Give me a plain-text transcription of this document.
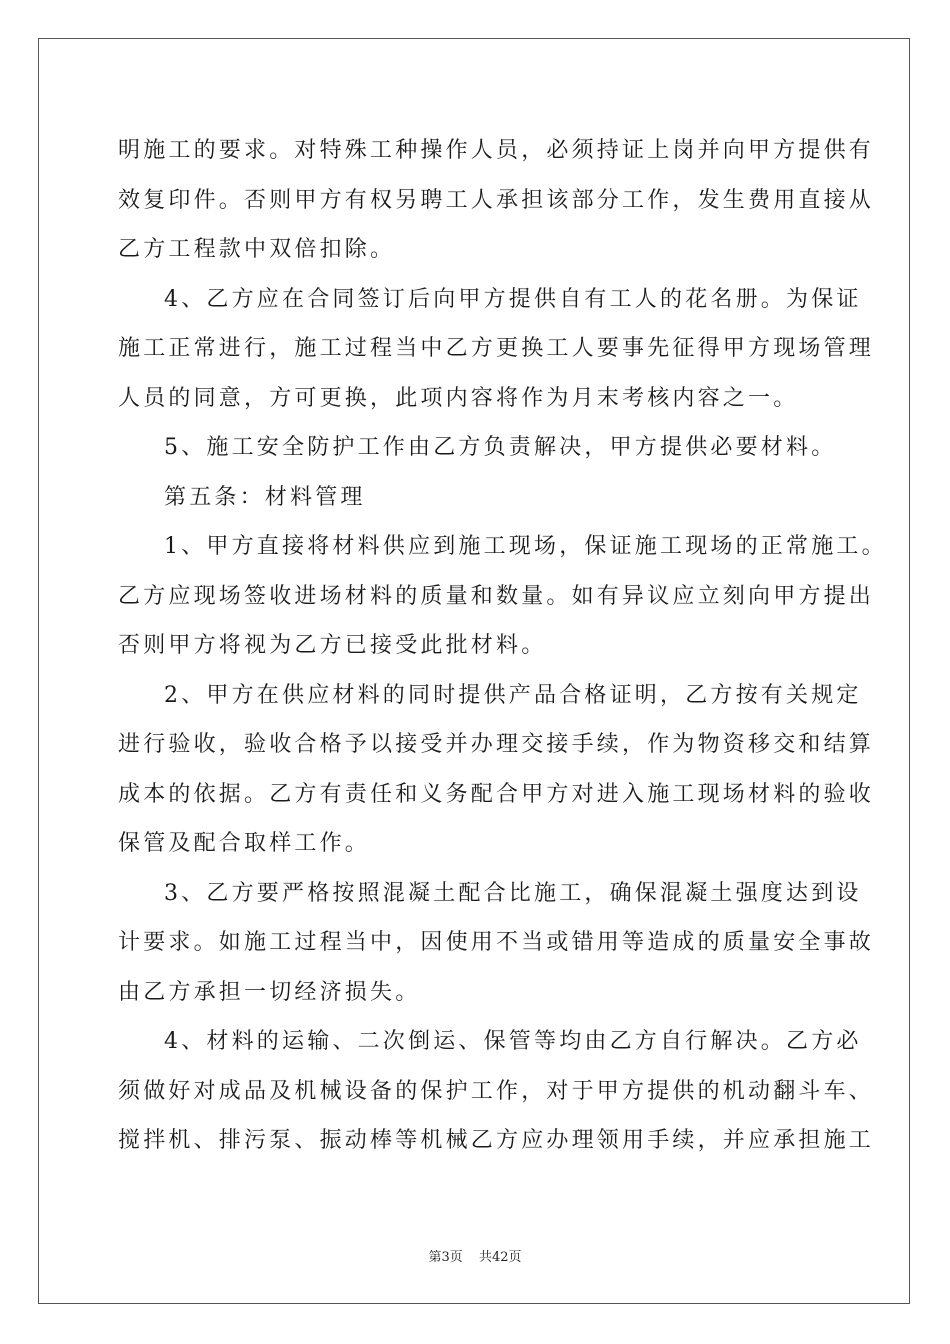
明施工的要求。对特殊工种操作人员，必须持证上岗并向甲方提供有

效复印件。否则甲方有权另聘工人承担该部分工作，发生费用直接从

乙方工程款中双倍扣除。

4、乙方应在合同签订后向甲方提供自有工人的花名册。为保证

施工正常进行，施工过程当中乙方更换工人要事先征得甲方现场管理

人员的同意，方可更换，此项内容将作为月末考核内容之一。

5、施工安全防护工作由乙方负责解决，甲方提供必要材料。

第五条：材料管理

1、甲方直接将材料供应到施工现场，保证施工现场的正常施工。

乙方应现场签收进场材料的质量和数量。如有异议应立刻向甲方提出

否则甲方将视为乙方已接受此批材料。

2、甲方在供应材料的同时提供产品合格证明，乙方按有关规定

进行验收，验收合格予以接受并办理交接手续，作为物资移交和结算

成本的依据。乙方有责任和义务配合甲方对进入施工现场材料的验收

保管及配合取样工作。

3、乙方要严格按照混凝土配合比施工，确保混凝土强度达到设

计要求。如施工过程当中，因使用不当或错用等造成的质量安全事故

由乙方承担一切经济损失。

4、材料的运输、二次倒运、保管等均由乙方自行解决。乙方必

须做好对成品及机械设备的保护工作，对于甲方提供的机动翻斗车、

搅拌机、排污泵、振动棒等机械乙方应办理领用手续，并应承担施工

第3页 共42页
